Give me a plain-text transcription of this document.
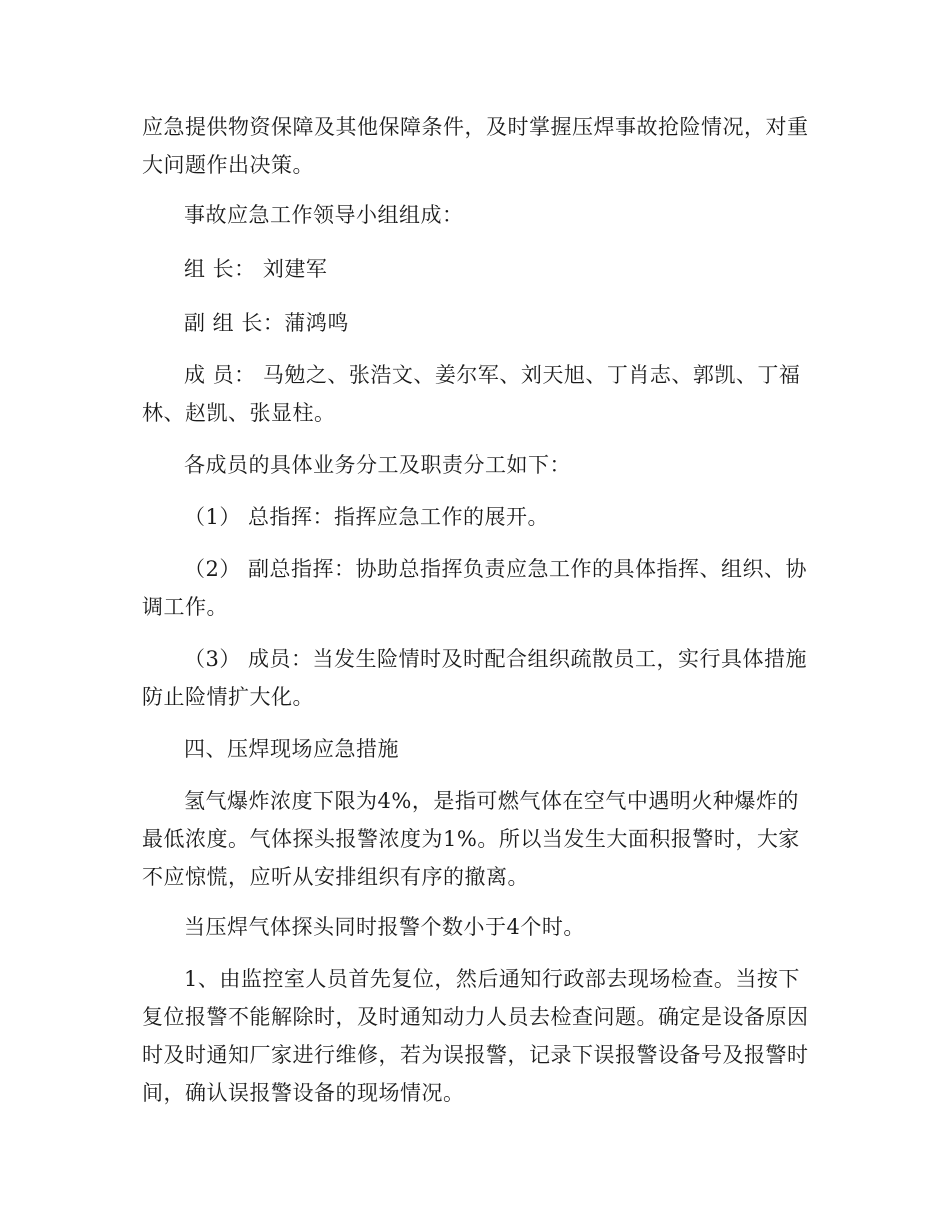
应急提供物资保障及其他保障条件，及时掌握压焊事故抢险情况，对重大问题作出决策。

事故应急工作领导小组组成：

组 长： 刘建军

副 组 长：蒲鸿鸣

成 员： 马勉之、张浩文、姜尔军、刘天旭、丁肖志、郭凯、丁福林、赵凯、张显柱。

各成员的具体业务分工及职责分工如下：

（1） 总指挥：指挥应急工作的展开。

（2） 副总指挥：协助总指挥负责应急工作的具体指挥、组织、协调工作。

（3） 成员：当发生险情时及时配合组织疏散员工，实行具体措施防止险情扩大化。

四、压焊现场应急措施

氢气爆炸浓度下限为4%，是指可燃气体在空气中遇明火种爆炸的最低浓度。气体探头报警浓度为1%。所以当发生大面积报警时，大家不应惊慌，应听从安排组织有序的撤离。

当压焊气体探头同时报警个数小于4个时。

1、由监控室人员首先复位，然后通知行政部去现场检查。当按下复位报警不能解除时，及时通知动力人员去检查问题。确定是设备原因时及时通知厂家进行维修，若为误报警，记录下误报警设备号及报警时间，确认误报警设备的现场情况。
